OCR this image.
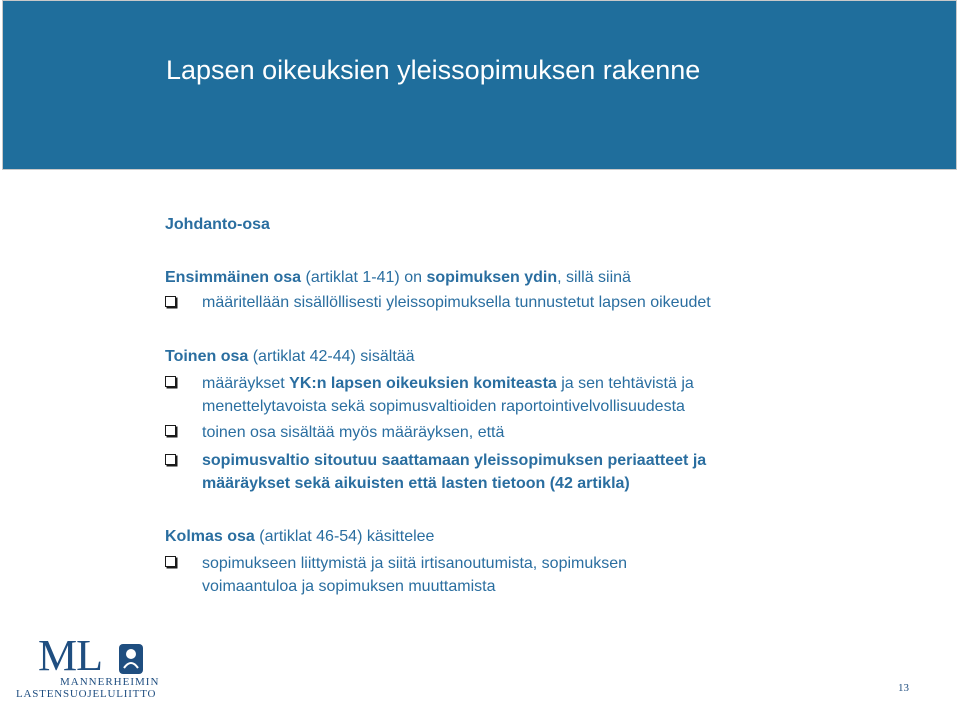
Lapsen oikeuksien yleissopimuksen rakenne
Johdanto-osa
Ensimmäinen osa (artiklat 1-41) on sopimuksen ydin, sillä siinä
määritellään sisällöllisesti yleissopimuksella tunnustetut lapsen oikeudet
Toinen osa (artiklat 42-44) sisältää
määräykset YK:n lapsen oikeuksien komiteasta ja sen tehtävistä ja
menettelytavoista sekä sopimusvaltioiden raportointivelvollisuudesta
toinen osa sisältää myös määräyksen, että
sopimusvaltio sitoutuu saattamaan yleissopimuksen periaatteet ja
määräykset sekä aikuisten että lasten tietoon (42 artikla)
Kolmas osa (artiklat 46-54) käsittelee
sopimukseen liittymistä ja siitä irtisanoutumista, sopimuksen
voimaantuloa ja sopimuksen muuttamista
ML
MANNERHEIMIN
LASTENSUOJELULIITTO	13
